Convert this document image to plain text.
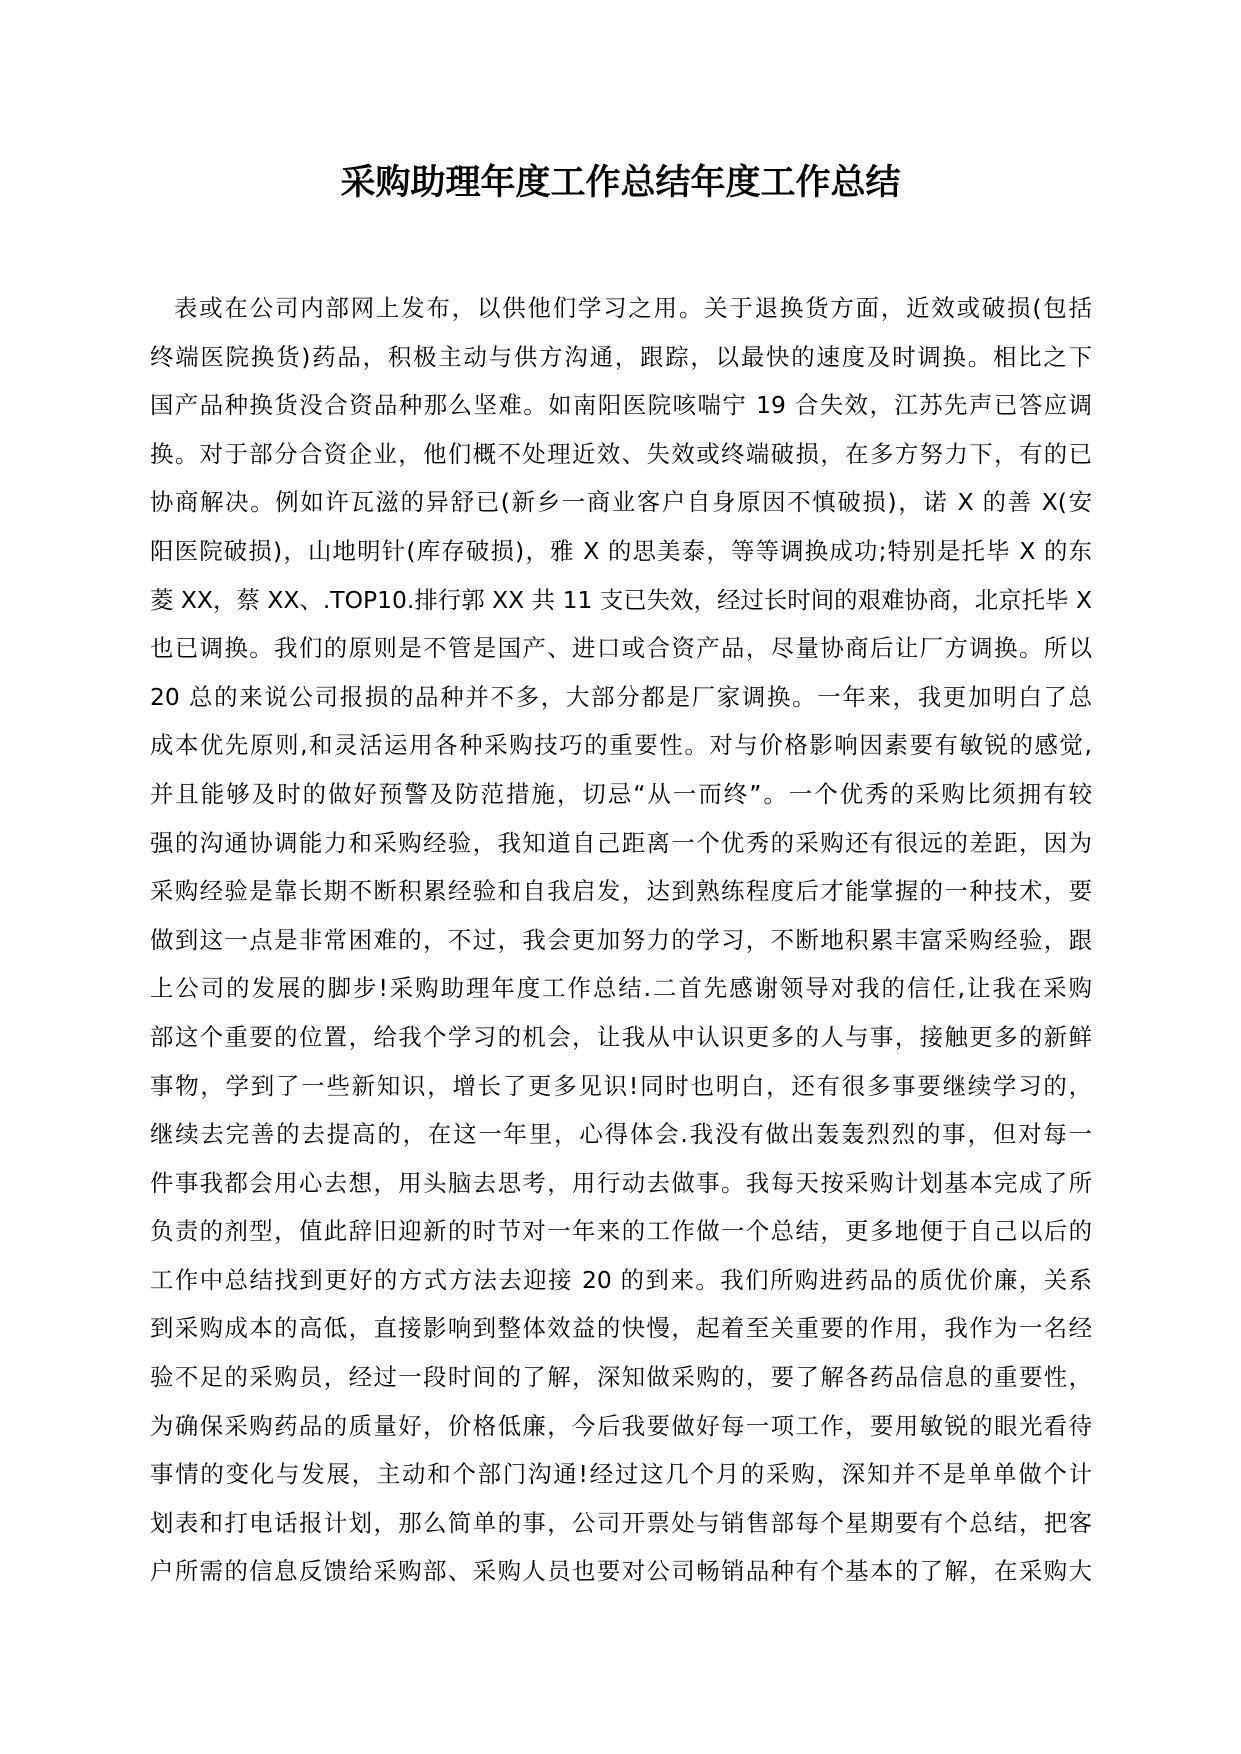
采购助理年度工作总结年度工作总结
表或在公司内部网上发布，以供他们学习之用。关于退换货方面，近效或破损(包括
终端医院换货)药品，积极主动与供方沟通，跟踪，以最快的速度及时调换。相比之下
国产品种换货没合资品种那么坚难。如南阳医院咳喘宁 19 合失效，江苏先声已答应调
换。对于部分合资企业，他们概不处理近效、失效或终端破损，在多方努力下，有的已
协商解决。例如许瓦滋的异舒已(新乡一商业客户自身原因不慎破损)，诺 X 的善 X(安
阳医院破损)，山地明针(库存破损)，雅 X 的思美泰，等等调换成功;特别是托毕 X 的东
菱 XX，蔡 XX、.TOP10.排行郭 XX 共 11 支已失效，经过长时间的艰难协商，北京托毕 X
也已调换。我们的原则是不管是国产、进口或合资产品，尽量协商后让厂方调换。所以
20 总的来说公司报损的品种并不多，大部分都是厂家调换。一年来，我更加明白了总
成本优先原则,和灵活运用各种采购技巧的重要性。对与价格影响因素要有敏锐的感觉,
并且能够及时的做好预警及防范措施，切忌“从一而终”。一个优秀的采购比须拥有较
强的沟通协调能力和采购经验，我知道自己距离一个优秀的采购还有很远的差距，因为
采购经验是靠长期不断积累经验和自我启发，达到熟练程度后才能掌握的一种技术，要
做到这一点是非常困难的，不过，我会更加努力的学习，不断地积累丰富采购经验，跟
上公司的发展的脚步!采购助理年度工作总结.二首先感谢领导对我的信任,让我在采购
部这个重要的位置，给我个学习的机会，让我从中认识更多的人与事，接触更多的新鲜
事物，学到了一些新知识，增长了更多见识!同时也明白，还有很多事要继续学习的，
继续去完善的去提高的，在这一年里，心得体会.我没有做出轰轰烈烈的事，但对每一
件事我都会用心去想，用头脑去思考，用行动去做事。我每天按采购计划基本完成了所
负责的剂型，值此辞旧迎新的时节对一年来的工作做一个总结，更多地便于自己以后的
工作中总结找到更好的方式方法去迎接 20 的到来。我们所购进药品的质优价廉，关系
到采购成本的高低，直接影响到整体效益的快慢，起着至关重要的作用，我作为一名经
验不足的采购员，经过一段时间的了解，深知做采购的，要了解各药品信息的重要性，
为确保采购药品的质量好，价格低廉，今后我要做好每一项工作，要用敏锐的眼光看待
事情的变化与发展，主动和个部门沟通!经过这几个月的采购，深知并不是单单做个计
划表和打电话报计划，那么简单的事，公司开票处与销售部每个星期要有个总结，把客
户所需的信息反馈给采购部、采购人员也要对公司畅销品种有个基本的了解，在采购大
